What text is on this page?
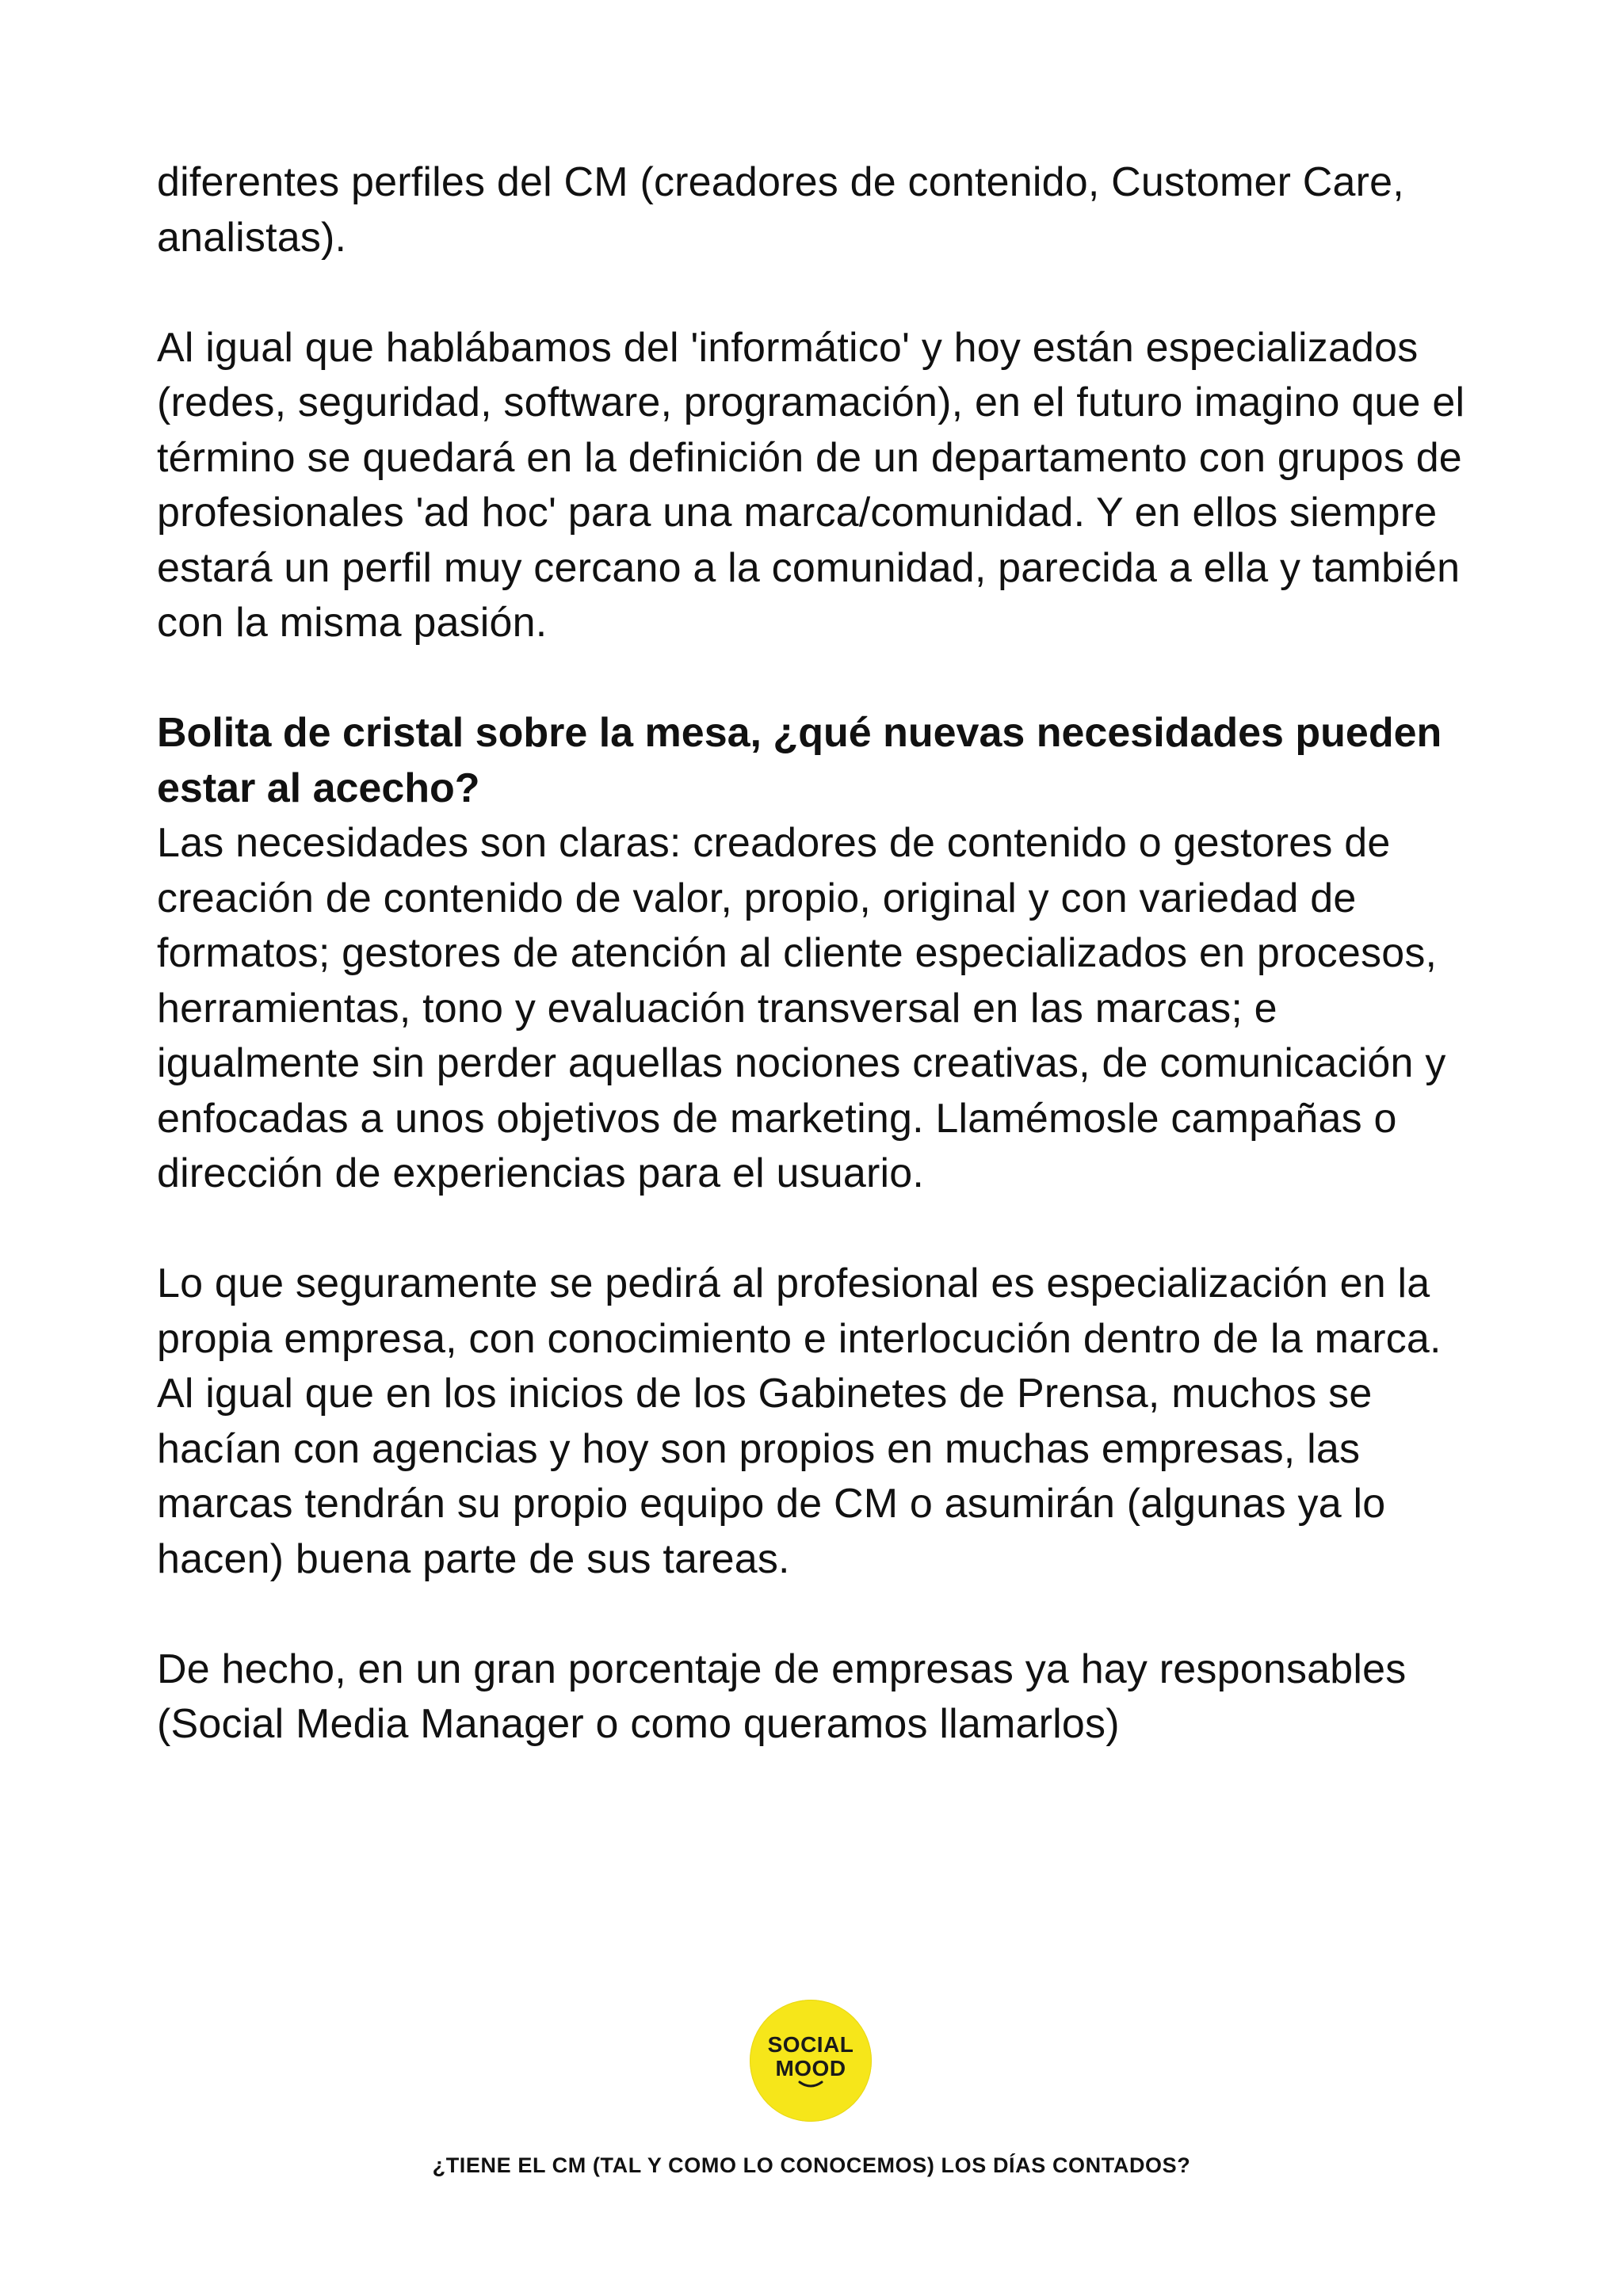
diferentes perfiles del CM (creadores de contenido, Customer Care, analistas).

Al igual que hablábamos del 'informático' y hoy están especializados (redes, seguridad, software, programación), en el futuro imagino que el término se quedará en la definición de un departamento con grupos de profesionales 'ad hoc' para una marca/comunidad. Y en ellos siempre estará un perfil muy cercano a la comunidad, parecida a ella y también con la misma pasión.

Bolita de cristal sobre la mesa, ¿qué nuevas necesidades pueden estar al acecho?

Las necesidades son claras: creadores de contenido o gestores de creación de contenido de valor, propio, original y con variedad de formatos; gestores de atención al cliente especializados en procesos, herramientas, tono y evaluación transversal en las marcas; e igualmente sin perder aquellas nociones creativas, de comunicación y enfocadas a unos objetivos de marketing. Llamémosle campañas o dirección de experiencias para el usuario.

Lo que seguramente se pedirá al profesional es especialización en la propia empresa, con conocimiento e interlocución dentro de la marca. Al igual que en los inicios de los Gabinetes de Prensa, muchos se hacían con agencias y hoy son propios en muchas empresas, las marcas tendrán su propio equipo de CM o asumirán (algunas ya lo hacen) buena parte de sus tareas.

De hecho, en un gran porcentaje de empresas ya hay responsables (Social Media Manager o como queramos llamarlos)

SOCIAL
MOOD
¿TIENE EL CM (TAL Y COMO LO CONOCEMOS) LOS DÍAS CONTADOS?
